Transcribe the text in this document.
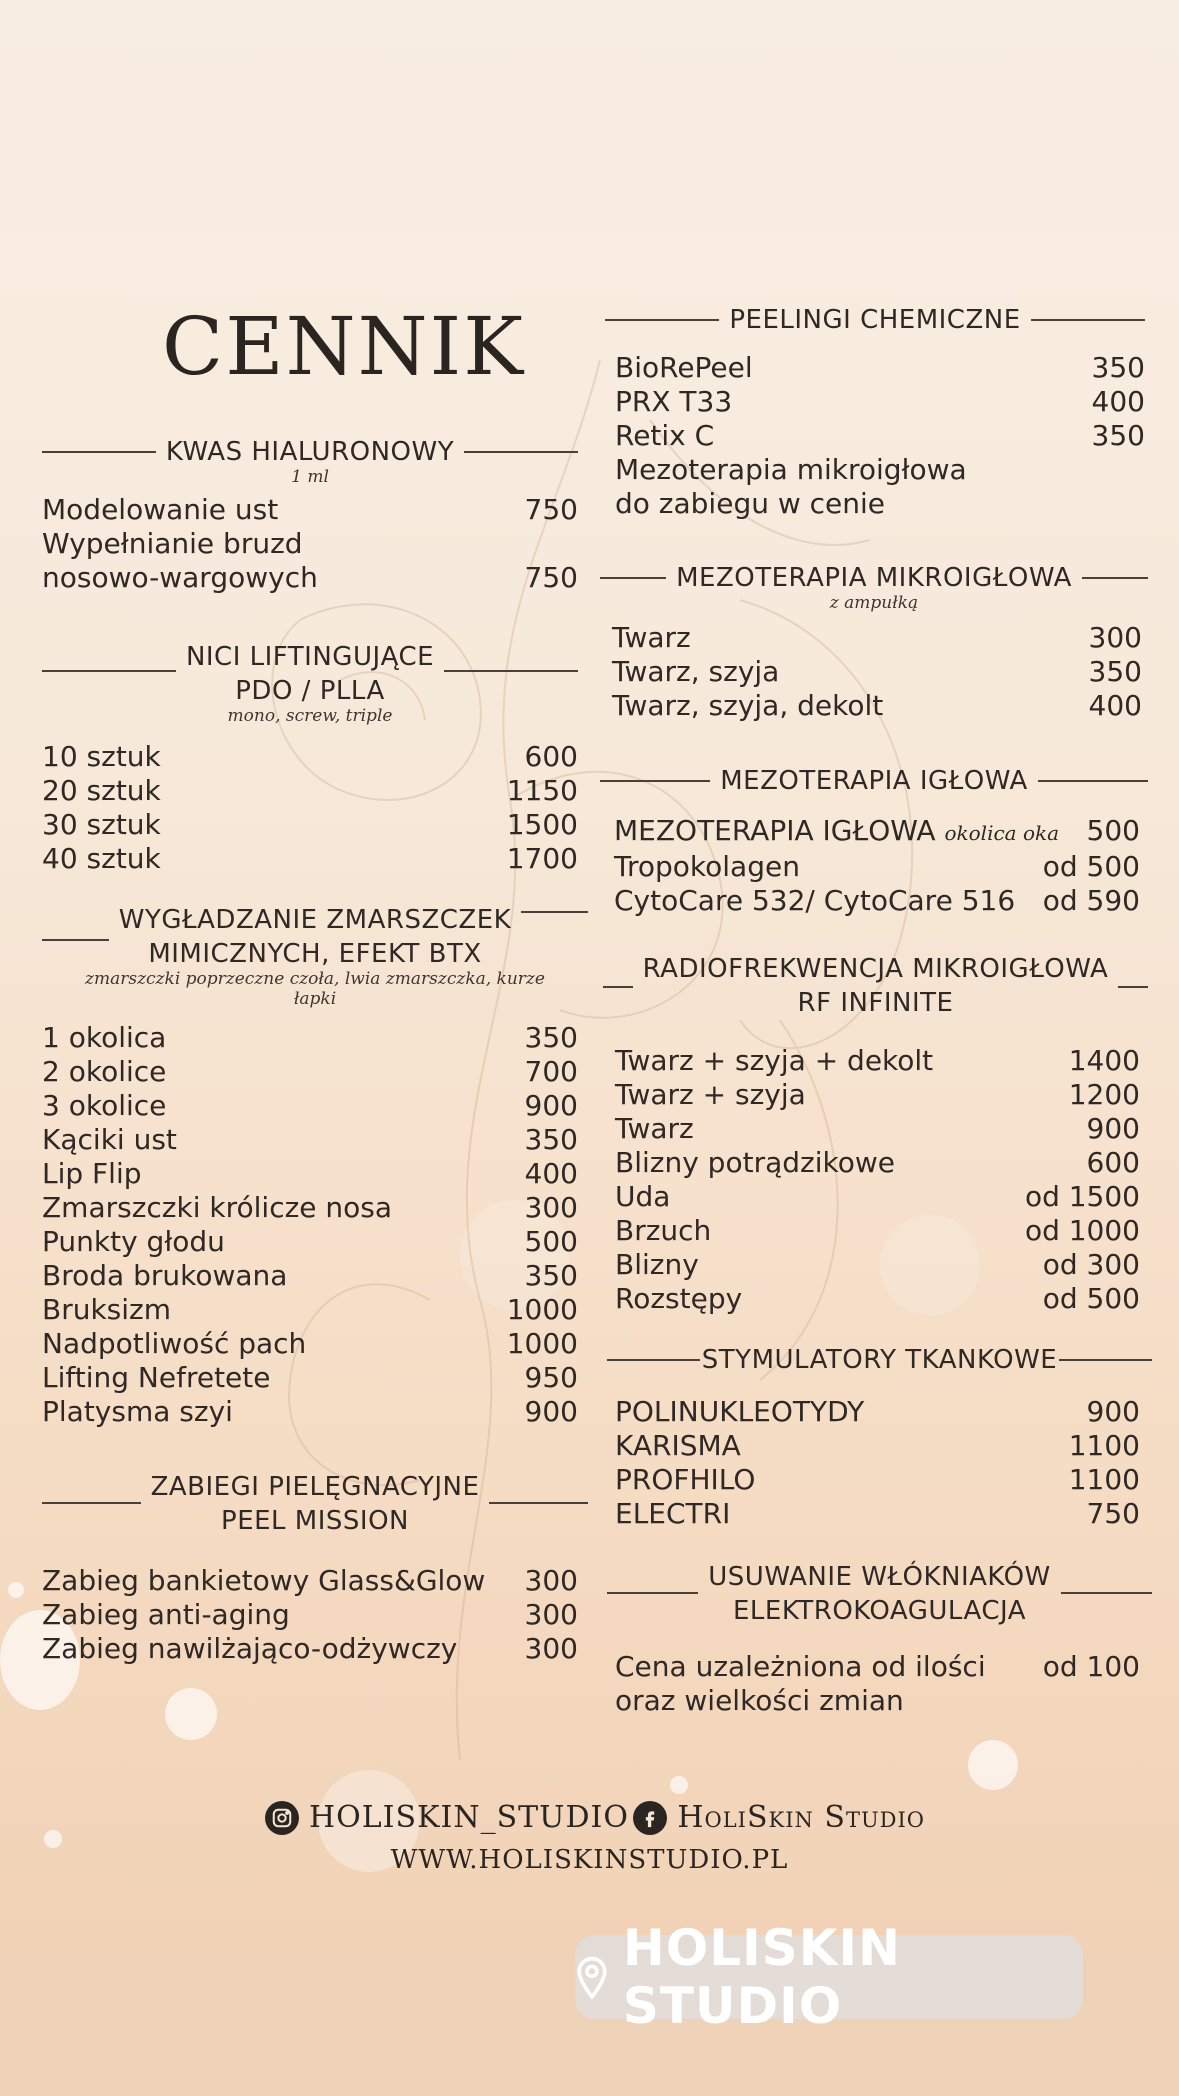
CENNIK
KWAS HIALURONOWY
1 ml
Modelowanie ust	750
Wypełnianie bruzd
nosowo-wargowych	750
NICI LIFTINGUJĄCE
PDO / PLLA
mono, screw, triple
10 sztuk	600
20 sztuk	1150
30 sztuk	1500
40 sztuk	1700
WYGŁADZANIE ZMARSZCZEK
MIMICZNYCH, EFEKT BTX
zmarszczki poprzeczne czoła, lwia zmarszczka, kurze łapki
1 okolica	350
2 okolice	700
3 okolice	900
Kąciki ust	350
Lip Flip	400
Zmarszczki królicze nosa	300
Punkty głodu	500
Broda brukowana	350
Bruksizm	1000
Nadpotliwość pach	1000
Lifting Nefretete	950
Platysma szyi	900
ZABIEGI PIELĘGNACYJNE
PEEL MISSION
Zabieg bankietowy Glass&Glow 300
Zabieg anti-aging	300
Zabieg nawilżająco-odżywczy 300
PEELINGI CHEMICZNE
BioRePeel	350
PRX T33	400
Retix C	350
Mezoterapia mikroigłowa
do zabiegu w cenie
MEZOTERAPIA MIKROIGŁOWA
z ampułką
Twarz	300
Twarz, szyja	350
Twarz, szyja, dekolt	400
MEZOTERAPIA IGŁOWA
MEZOTERAPIA IGŁOWA okolica oka 500
Tropokolagen	od 500
CytoCare 532/ CytoCare 516 od 590
RADIOFREKWENCJA MIKROIGŁOWA
RF INFINITE
Twarz + szyja + dekolt	1400
Twarz + szyja	1200
Twarz	900
Blizny potrądzikowe	600
Uda	od 1500
Brzuch	od 1000
Blizny	od 300
Rozstępy	od 500
STYMULATORY TKANKOWE
POLINUKLEOTYDY	900
KARISMA	1100
PROFHILO	1100
ELECTRI	750
USUWANIE WŁÓKNIAKÓW
ELEKTROKOAGULACJA
Cena uzależniona od ilości od 100
oraz wielkości zmian
HOLISKIN_STUDIO HoliSkin Studio
WWW.HOLISKINSTUDIO.PL
HOLISKIN STUDIO
